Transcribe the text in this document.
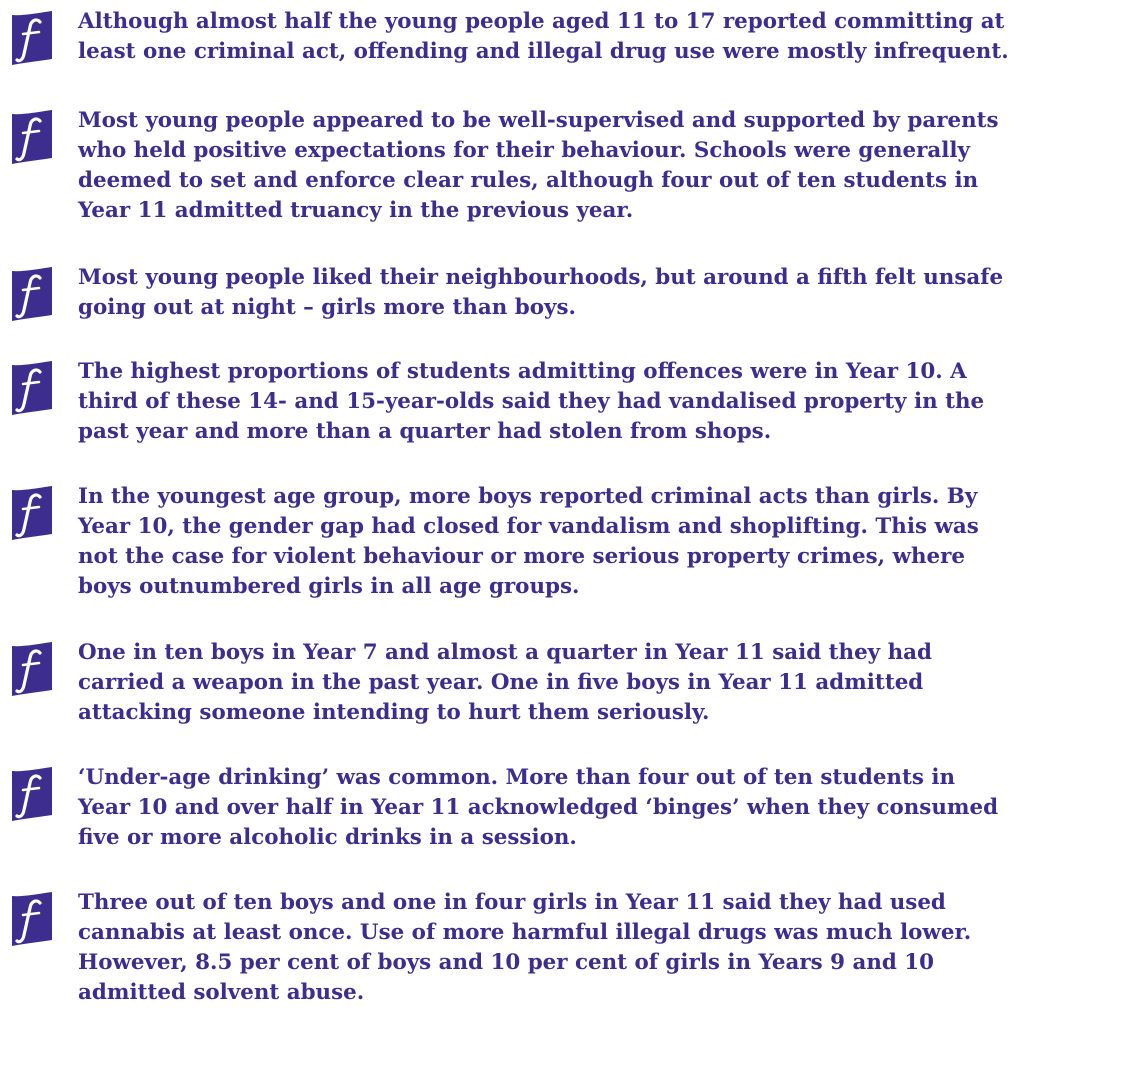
Although almost half the young people aged 11 to 17 reported committing at
least one criminal act, offending and illegal drug use were mostly infrequent.

Most young people appeared to be well-supervised and supported by parents
who held positive expectations for their behaviour. Schools were generally
deemed to set and enforce clear rules, although four out of ten students in
Year 11 admitted truancy in the previous year.

Most young people liked their neighbourhoods, but around a fifth felt unsafe
going out at night – girls more than boys.

The highest proportions of students admitting offences were in Year 10. A
third of these 14- and 15-year-olds said they had vandalised property in the
past year and more than a quarter had stolen from shops.

In the youngest age group, more boys reported criminal acts than girls. By
Year 10, the gender gap had closed for vandalism and shoplifting. This was
not the case for violent behaviour or more serious property crimes, where
boys outnumbered girls in all age groups.

One in ten boys in Year 7 and almost a quarter in Year 11 said they had
carried a weapon in the past year. One in five boys in Year 11 admitted
attacking someone intending to hurt them seriously.

‘Under-age drinking’ was common. More than four out of ten students in
Year 10 and over half in Year 11 acknowledged ‘binges’ when they consumed
five or more alcoholic drinks in a session.

Three out of ten boys and one in four girls in Year 11 said they had used
cannabis at least once. Use of more harmful illegal drugs was much lower.
However, 8.5 per cent of boys and 10 per cent of girls in Years 9 and 10
admitted solvent abuse.
